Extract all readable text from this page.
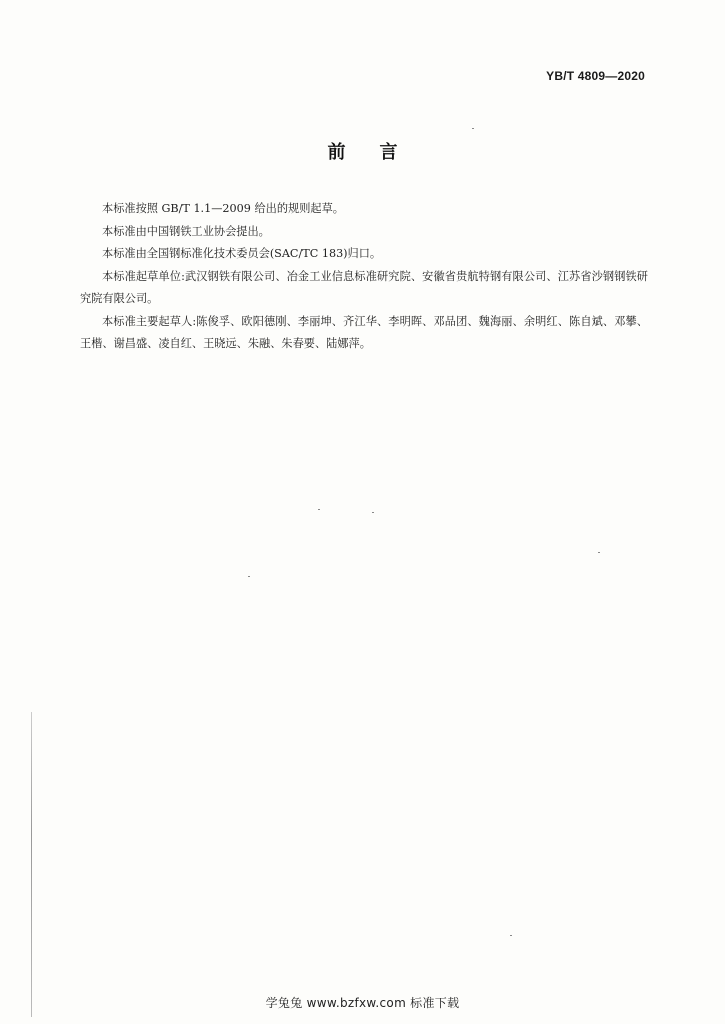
YB/T 4809—2020
前言

本标准按照 GB/T 1.1—2009 给出的规则起草。

本标准由中国钢铁工业协会提出。

本标准由全国钢标准化技术委员会(SAC/TC 183)归口。

本标准起草单位:武汉钢铁有限公司、冶金工业信息标准研究院、安徽省贵航特钢有限公司、江苏省沙钢钢铁研究院有限公司。

本标准主要起草人:陈俊孚、欧阳德刚、李丽坤、齐江华、李明晖、邓品团、魏海丽、余明红、陈自斌、邓攀、王楷、谢昌盛、凌自红、王晓远、朱融、朱春要、陆娜萍。

学兔兔 www.bzfxw.com 标准下载
